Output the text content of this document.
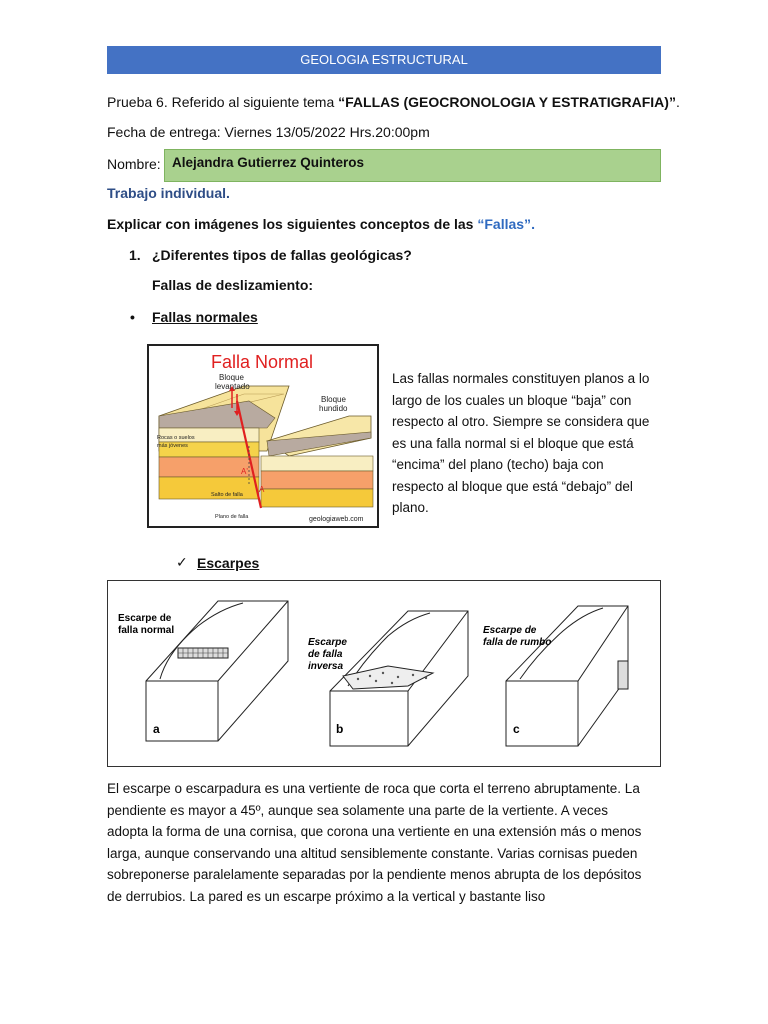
GEOLOGIA ESTRUCTURAL
Prueba 6. Referido al siguiente tema “FALLAS (GEOCRONOLOGIA Y ESTRATIGRAFIA)”.
Fecha de entrega: Viernes 13/05/2022 Hrs.20:00pm
Nombre: Alejandra Gutierrez Quinteros
Trabajo individual.
Explicar con imágenes los siguientes conceptos de las “Fallas”.
1. ¿Diferentes tipos de fallas geológicas?
Fallas de deslizamiento:
• Fallas normales
Falla Normal
Bloque
levantado
Bloque
hundido
Rocas o suelos
más jóvenes
A'
A
Salto de falla
Plano de falla	geologiaweb.com
Las fallas normales constituyen planos a lo
largo de los cuales un bloque “baja” con
respecto al otro. Siempre se considera que
es una falla normal si el bloque que está
“encima” del plano (techo) baja con
respecto al bloque que está “debajo” del
plano.
✓ Escarpes
Escarpe de
falla normal
Escarpe
de falla
inversa
Escarpe de
falla de rumbo
a	b	c
El escarpe o escarpadura es una vertiente de roca que corta el terreno abruptamente. La
pendiente es mayor a 45º, aunque sea solamente una parte de la vertiente. A veces
adopta la forma de una cornisa, que corona una vertiente en una extensión más o menos
larga, aunque conservando una altitud sensiblemente constante. Varias cornisas pueden
sobreponerse paralelamente separadas por la pendiente menos abrupta de los depósitos
de derrubios. La pared es un escarpe próximo a la vertical y bastante liso
